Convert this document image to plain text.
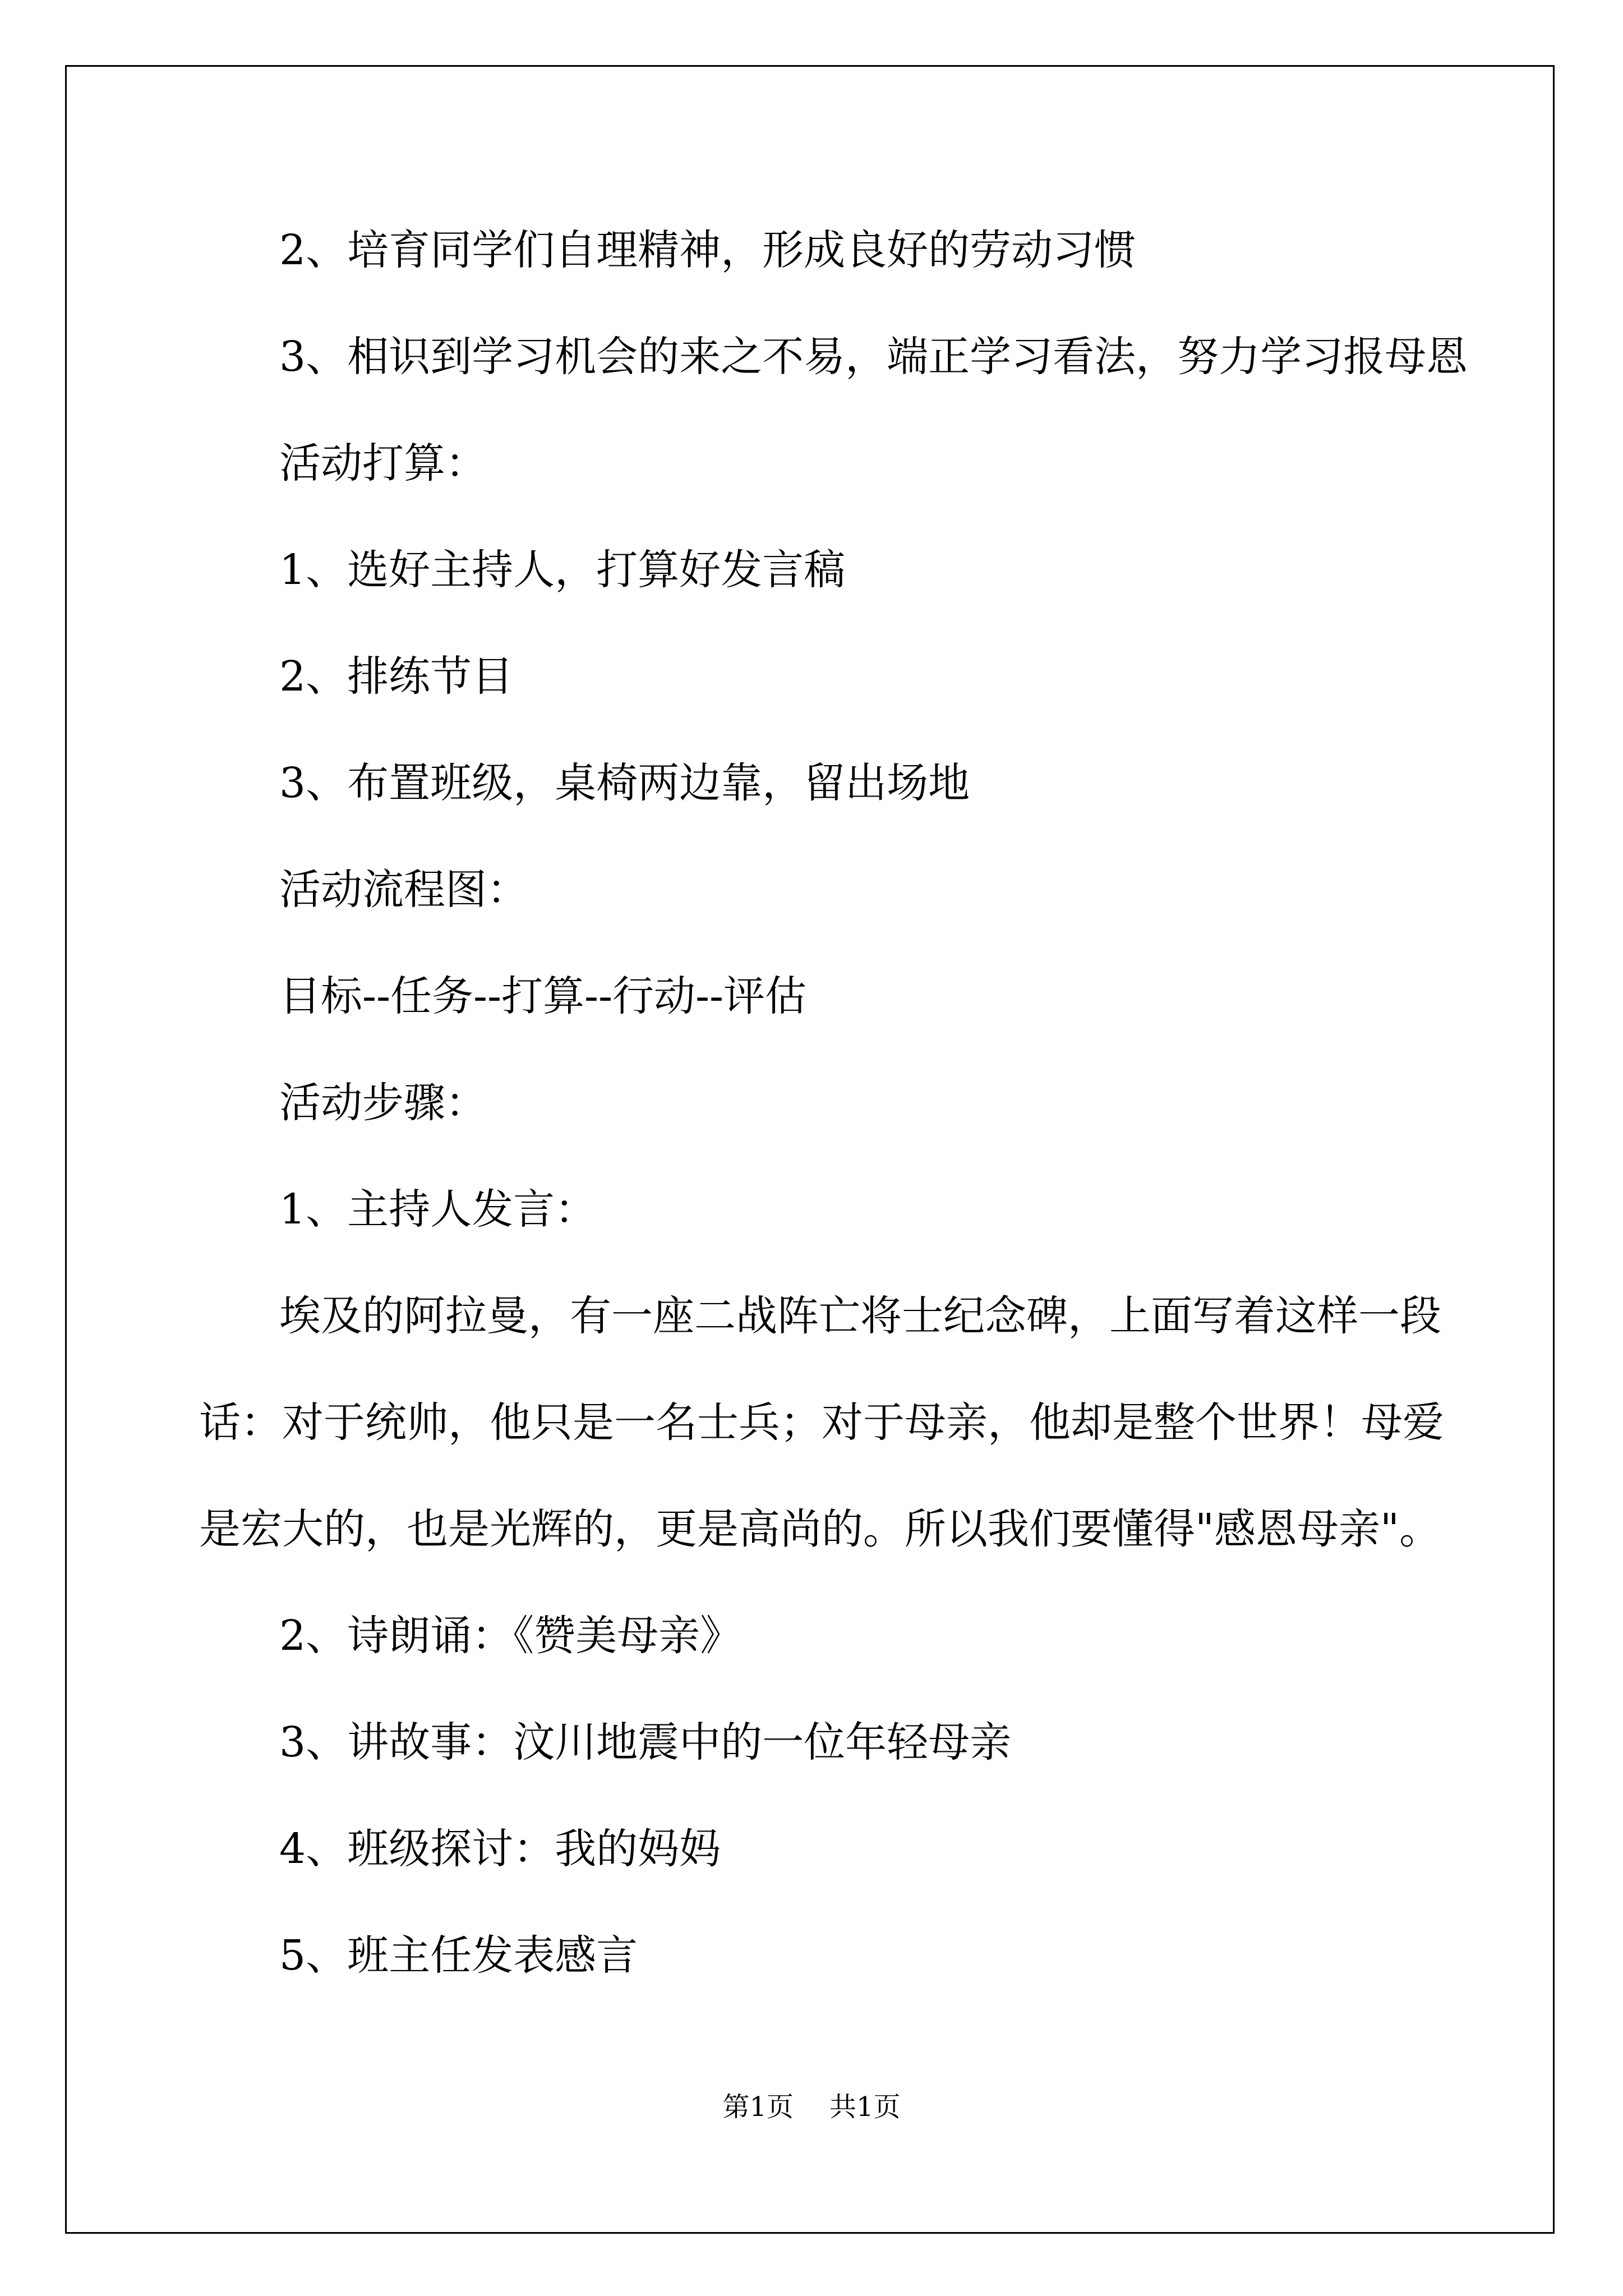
2、培育同学们自理精神，形成良好的劳动习惯
3、相识到学习机会的来之不易，端正学习看法，努力学习报母恩
活动打算：
1、选好主持人，打算好发言稿
2、排练节目
3、布置班级，桌椅两边靠，留出场地
活动流程图：
目标--任务--打算--行动--评估
活动步骤：
1、主持人发言：
埃及的阿拉曼，有一座二战阵亡将士纪念碑，上面写着这样一段
话：对于统帅，他只是一名士兵；对于母亲，他却是整个世界！母爱
是宏大的，也是光辉的，更是高尚的。所以我们要懂得"感恩母亲"。
2、诗朗诵：《赞美母亲》
3、讲故事：汶川地震中的一位年轻母亲
4、班级探讨：我的妈妈
5、班主任发表感言
第1页 共1页
